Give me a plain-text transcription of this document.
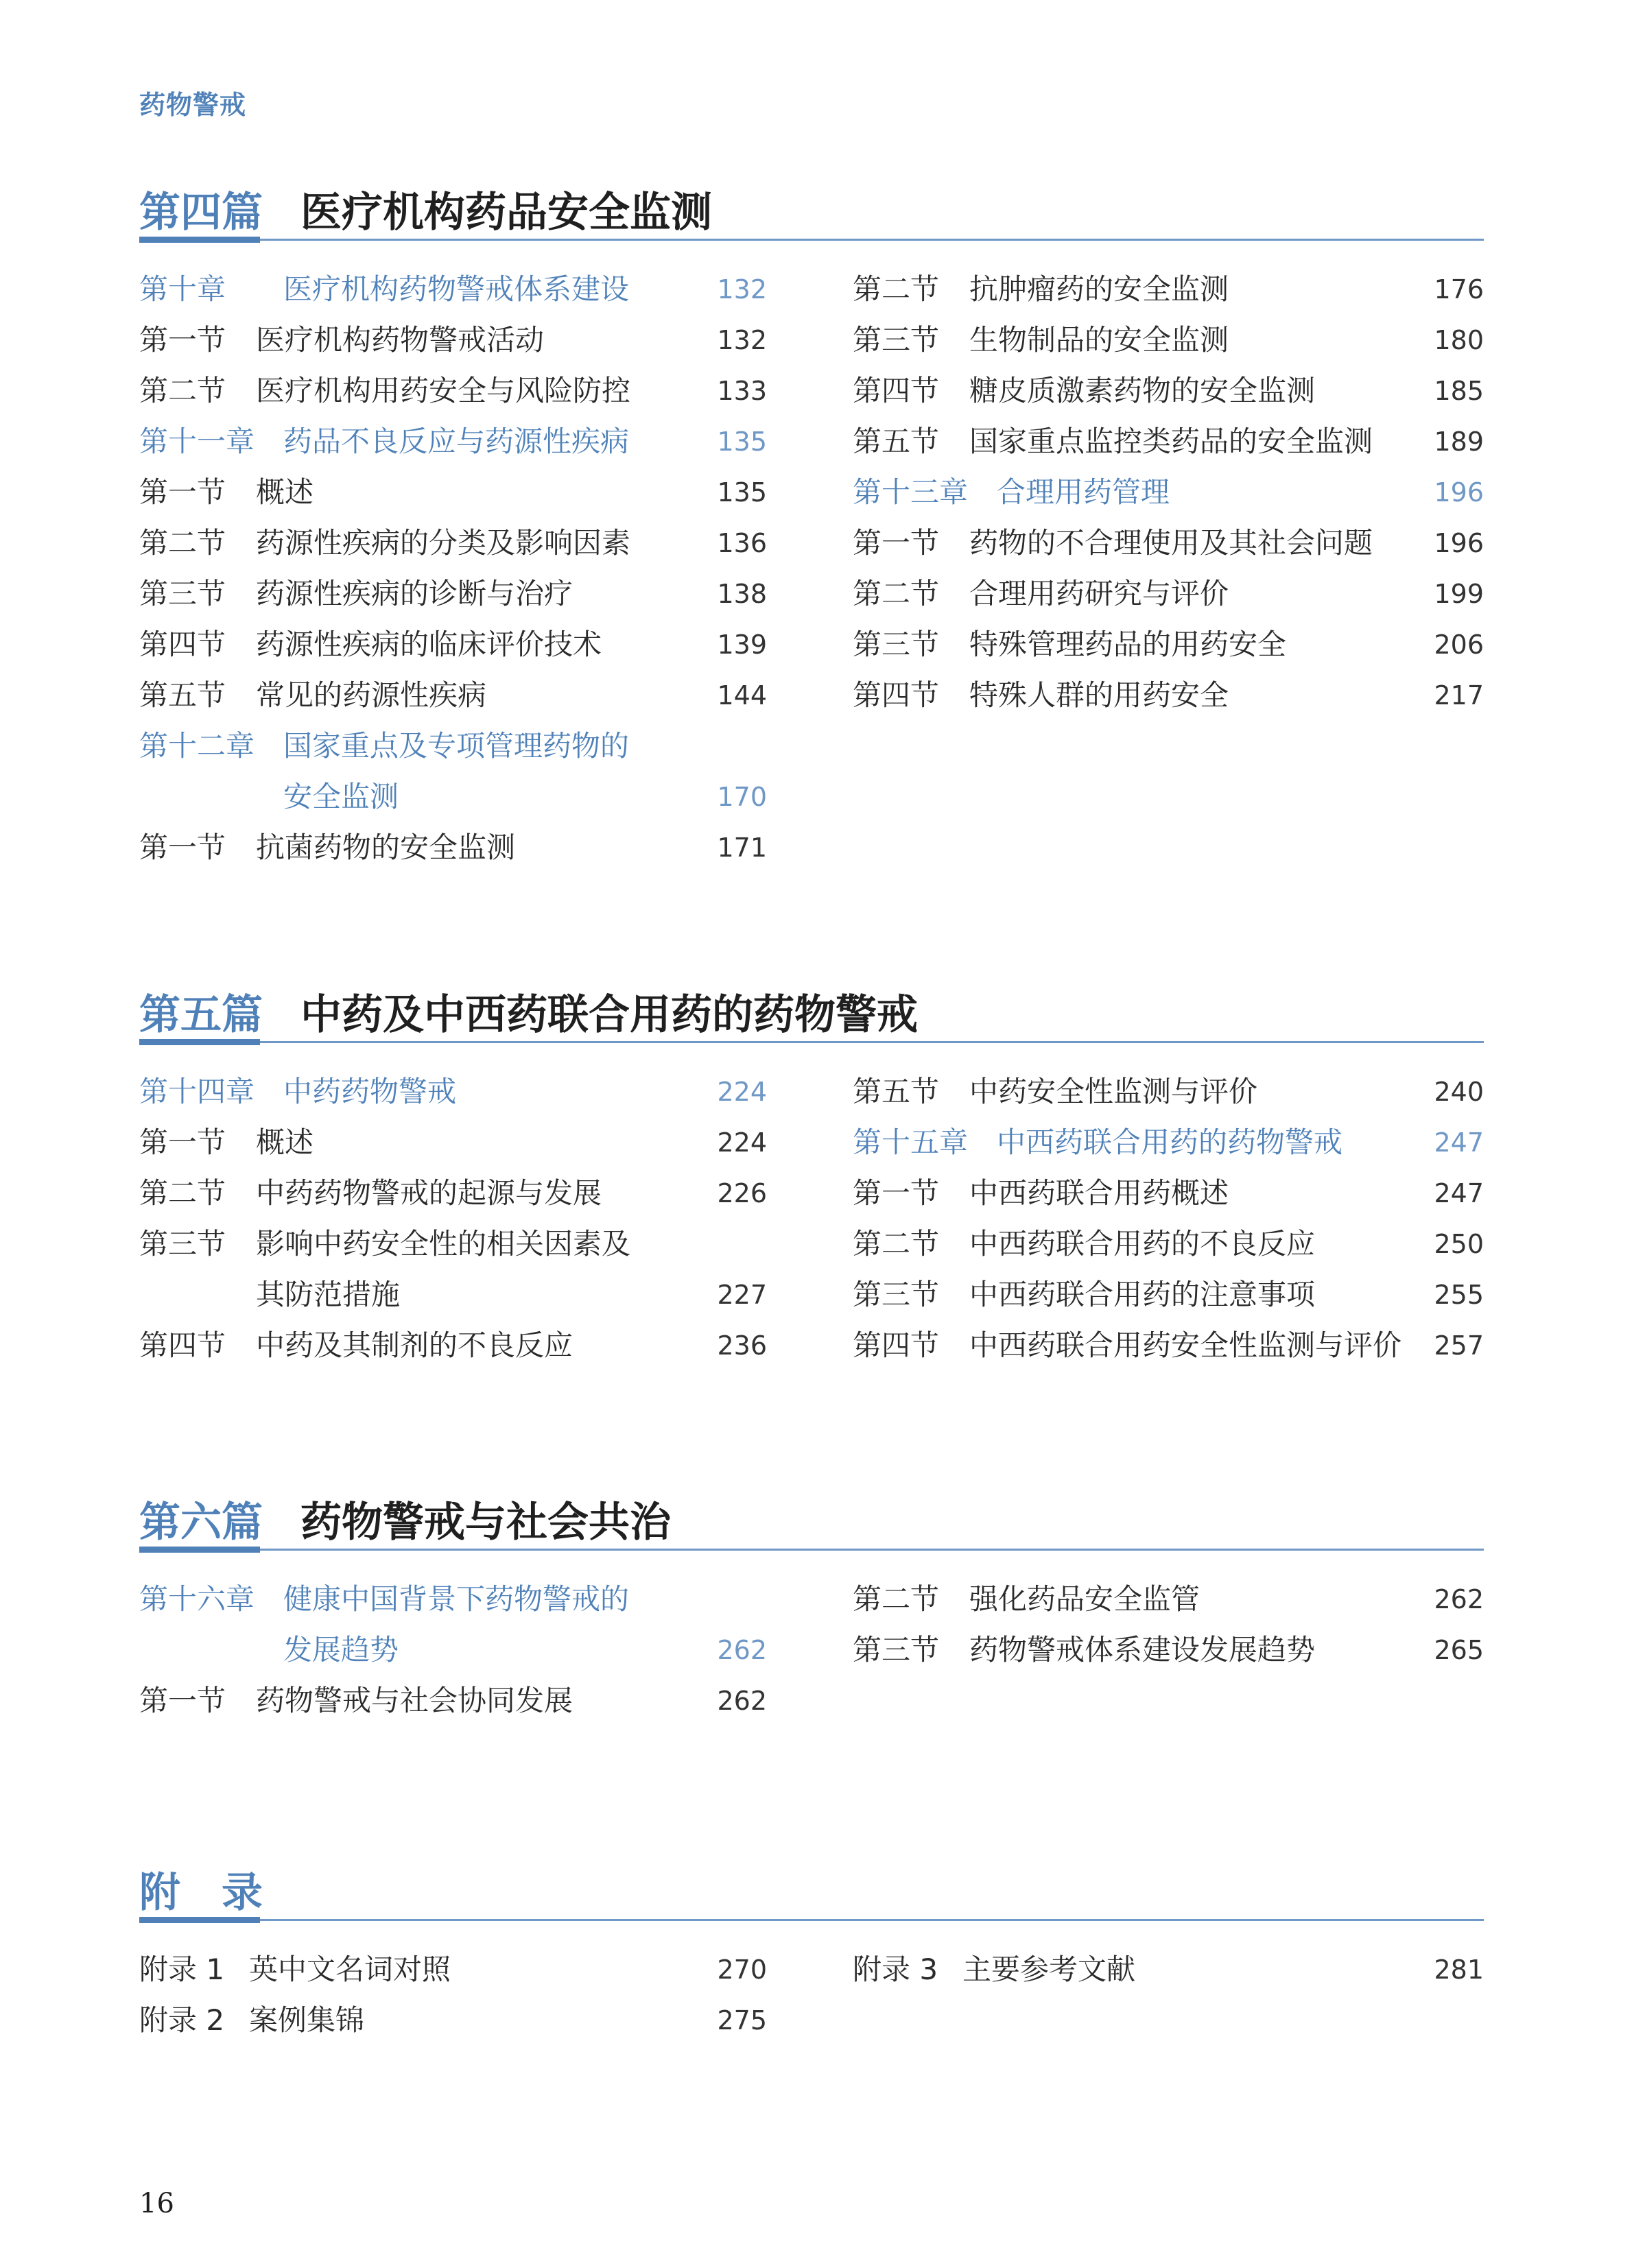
药物警戒
第四篇 医疗机构药品安全监测
第十章 医疗机构药物警戒体系建设	132
第一节 医疗机构药物警戒活动	132
第二节 医疗机构用药安全与风险防控	133
第十一章 药品不良反应与药源性疾病	135
第一节 概述	135
第二节 药源性疾病的分类及影响因素	136
第三节 药源性疾病的诊断与治疗	138
第四节 药源性疾病的临床评价技术	139
第五节 常见的药源性疾病	144
第十二章 国家重点及专项管理药物的
安全监测	170
第一节 抗菌药物的安全监测	171
第二节 抗肿瘤药的安全监测	176
第三节 生物制品的安全监测	180
第四节 糖皮质激素药物的安全监测	185
第五节 国家重点监控类药品的安全监测 189
第十三章 合理用药管理	196
第一节 药物的不合理使用及其社会问题 196
第二节 合理用药研究与评价	199
第三节 特殊管理药品的用药安全	206
第四节 特殊人群的用药安全	217
第五篇 中药及中西药联合用药的药物警戒
第十四章 中药药物警戒	224
第一节 概述	224
第二节 中药药物警戒的起源与发展	226
第三节 影响中药安全性的相关因素及
其防范措施	227
第四节 中药及其制剂的不良反应	236
第五节 中药安全性监测与评价	240
第十五章 中西药联合用药的药物警戒	247
第一节 中西药联合用药概述	247
第二节 中西药联合用药的不良反应	250
第三节 中西药联合用药的注意事项	255
第四节 中西药联合用药安全性监测与评价 257
第六篇 药物警戒与社会共治
第十六章 健康中国背景下药物警戒的
发展趋势	262
第一节 药物警戒与社会协同发展	262
第二节 强化药品安全监管	262
第三节 药物警戒体系建设发展趋势	265
附　录
附录 1 英中文名词对照	270
附录 2 案例集锦	275
附录 3 主要参考文献	281
16
